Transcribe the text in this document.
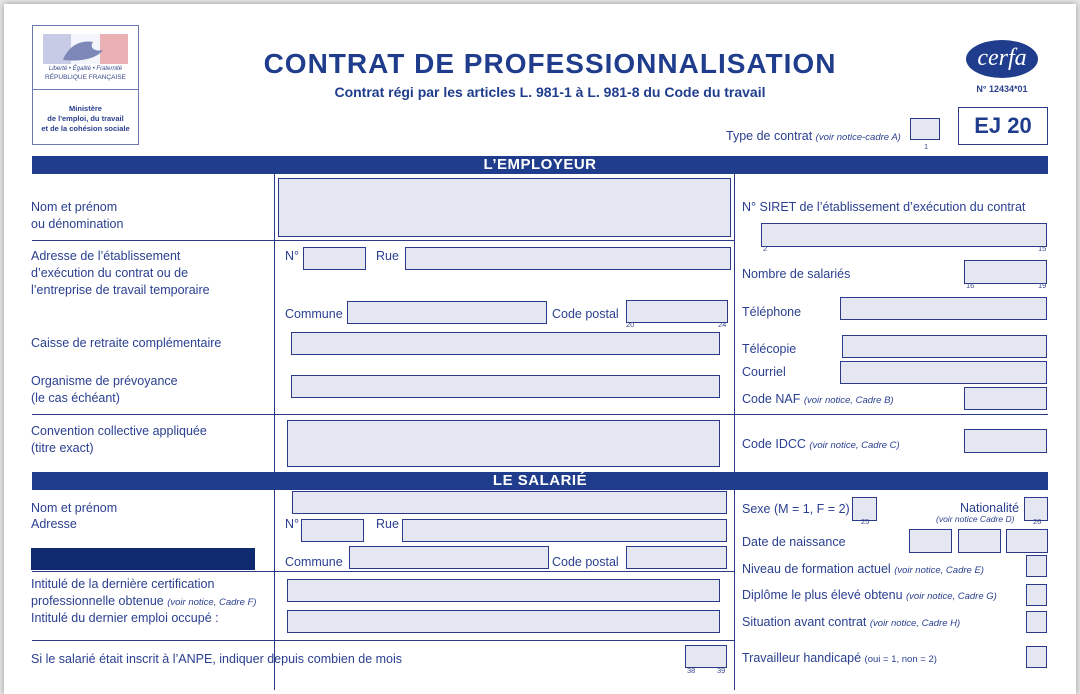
Liberté • Égalité • Fraternité
RÉPUBLIQUE FRANÇAISE
Ministère
de l'emploi, du travail
et de la cohésion sociale
CONTRAT DE PROFESSIONNALISATION
Contrat régi par les articles L. 981-1 à L. 981-8 du Code du travail
cerfa
N° 12434*01
Type de contrat (voir notice-cadre A)
1
EJ 20
L’EMPLOYEUR
Nom et prénom
ou dénomination
Adresse de l’établissement
d’exécution du contrat ou de
l’entreprise de travail temporaire
N°	Rue
Commune	Code postal
20	24
Caisse de retraite complémentaire
Organisme de prévoyance
(le cas échéant)
Convention collective appliquée
(titre exact)
N° SIRET de l’établissement d’exécution du contrat
2	15
Nombre de salariés
16	19
Téléphone
Télécopie
Courriel
Code NAF (voir notice, Cadre B)
Code IDCC (voir notice, Cadre C)
LE SALARIÉ
Nom et prénom
Adresse	N°	Rue
Commune	Code postal
Intitulé de la dernière certification
professionnelle obtenue (voir notice, Cadre F)
Intitulé du dernier emploi occupé :
Si le salarié était inscrit à l’ANPE, indiquer depuis combien de mois
38	39
Sexe (M = 1, F = 2)
25
Nationalité
(voir notice Cadre D) 26
Date de naissance
Niveau de formation actuel (voir notice, Cadre E)
Diplôme le plus élevé obtenu (voir notice, Cadre G)
Situation avant contrat (voir notice, Cadre H)
Travailleur handicapé (oui = 1, non = 2)
